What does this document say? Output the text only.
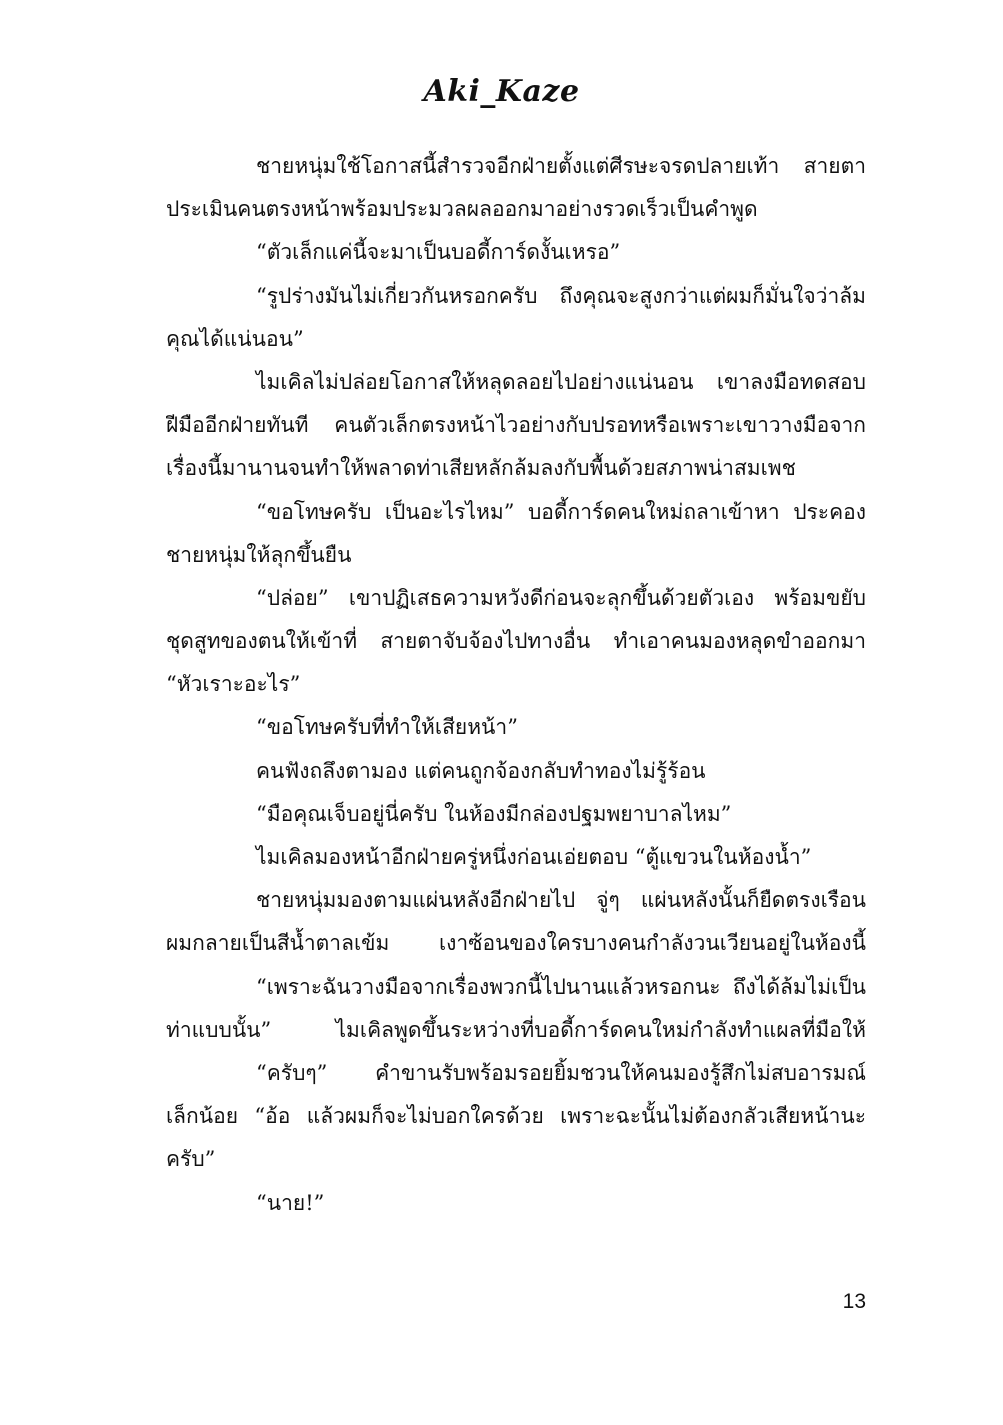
Aki_Kaze
ชายหนุ่มใช้โอกาสนี้สำรวจอีกฝ่ายตั้งแต่ศีรษะจรดปลายเท้า สายตา
ประเมินคนตรงหน้าพร้อมประมวลผลออกมาอย่างรวดเร็วเป็นคำพูด
“ตัวเล็กแค่นี้จะมาเป็นบอดี้การ์ดงั้นเหรอ”
“รูปร่างมันไม่เกี่ยวกันหรอกครับ ถึงคุณจะสูงกว่าแต่ผมก็มั่นใจว่าล้ม
คุณได้แน่นอน”
ไมเคิลไม่ปล่อยโอกาสให้หลุดลอยไปอย่างแน่นอน เขาลงมือทดสอบ
ฝีมืออีกฝ่ายทันที คนตัวเล็กตรงหน้าไวอย่างกับปรอทหรือเพราะเขาวางมือจาก
เรื่องนี้มานานจนทำให้พลาดท่าเสียหลักล้มลงกับพื้นด้วยสภาพน่าสมเพช
“ขอโทษครับ เป็นอะไรไหม” บอดี้การ์ดคนใหม่ถลาเข้าหา ประคอง
ชายหนุ่มให้ลุกขึ้นยืน
“ปล่อย” เขาปฏิเสธความหวังดีก่อนจะลุกขึ้นด้วยตัวเอง พร้อมขยับ
ชุดสูทของตนให้เข้าที่ สายตาจับจ้องไปทางอื่น ทำเอาคนมองหลุดขำออกมา
“หัวเราะอะไร”
“ขอโทษครับที่ทำให้เสียหน้า”
คนฟังถลึงตามอง แต่คนถูกจ้องกลับทำทองไม่รู้ร้อน
“มือคุณเจ็บอยู่นี่ครับ ในห้องมีกล่องปฐมพยาบาลไหม”
ไมเคิลมองหน้าอีกฝ่ายครู่หนึ่งก่อนเอ่ยตอบ “ตู้แขวนในห้องน้ำ”
ชายหนุ่มมองตามแผ่นหลังอีกฝ่ายไป จู่ๆ แผ่นหลังนั้นก็ยืดตรงเรือน
ผมกลายเป็นสีน้ำตาลเข้ม เงาซ้อนของใครบางคนกำลังวนเวียนอยู่ในห้องนี้
“เพราะฉันวางมือจากเรื่องพวกนี้ไปนานแล้วหรอกนะ ถึงได้ล้มไม่เป็น
ท่าแบบนั้น” ไมเคิลพูดขึ้นระหว่างที่บอดี้การ์ดคนใหม่กำลังทำแผลที่มือให้
“ครับๆ” คำขานรับพร้อมรอยยิ้มชวนให้คนมองรู้สึกไม่สบอารมณ์
เล็กน้อย “อ้อ แล้วผมก็จะไม่บอกใครด้วย เพราะฉะนั้นไม่ต้องกลัวเสียหน้านะ
ครับ”
“นาย!”
13
